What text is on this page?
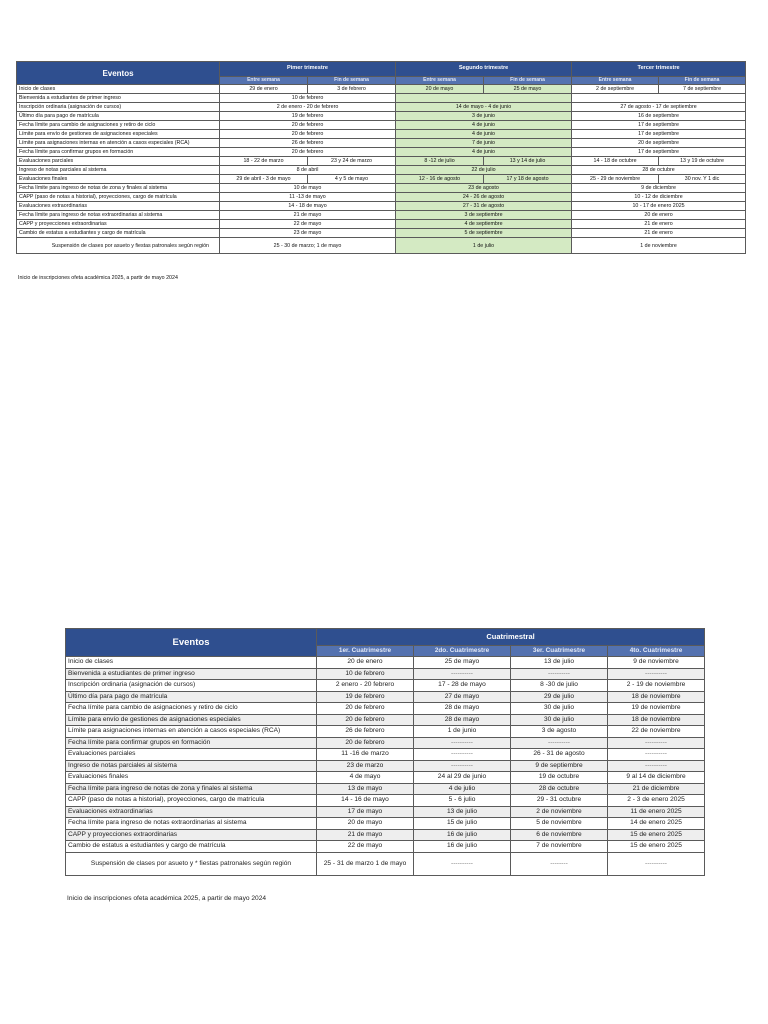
Eventos	Pimer trimestre		Segundo trimestre		Tercer trimestre	
	Entre semana	Fin de semana	Entre semana	Fin de semana	Entre semana	Fin de semana
Inicio de clases	29 de enero	3 de febrero	20 de mayo	25 de mayo	2 de septiembre	7 de septiembre
Bienvenida a estudiantes de primer ingreso	10 de febrero					
Inscripción ordinaria (asignación de cursos)	2 de enero - 20 de febrero		14 de mayo - 4 de junio		27 de agosto - 17 de septiembre	
Último día para pago de matrícula	19 de febrero		3 de junio		16 de septiembre	
Fecha límite para cambio de asignaciones y retiro de ciclo	20 de febrero		4 de junio		17 de septiembre	
Límite para envío de gestiones de asignaciones especiales	20 de febrero		4 de junio		17 de septiembre	
Límite para asignaciones internas en atención a casos especiales (RCA)	26 de febrero		7 de junio		20 de septiembre	
Fecha límite para confirmar grupos en formación	20 de febrero		4 de junio		17 de septiembre	
Evaluaciones parciales	18 - 22 de marzo	23 y 24 de marzo	8 -12 de julio	13 y 14 de julio	14 - 18 de octubre	13 y 19 de octubre
Ingreso de notas parciales al sistema	8 de abril		22 de julio		28 de octubre	
Evaluaciones finales	29 de abril - 3 de mayo	4 y 5 de mayo	12 - 16 de agosto	17 y 18 de agosto	25 - 29 de noviembre	30 nov. Y 1 dic
Fecha límite para ingreso de notas de zona y finales al sistema	10 de mayo		23 de agosto		9 de diciembre	
CAPP (paso de notas a historial), proyecciones, cargo de matrícula	11 -13 de mayo		24 - 26 de agosto		10 - 12 de diciembre	
Evaluaciones extraordinarias	14 - 18 de mayo		27 - 31 de agosto		10 - 17 de enero 2025	
Fecha límite para ingreso de notas extraordinarias al sistema	21 de mayo		3 de septiembre		20 de enero	
CAPP y proyecciones extraordinarias	22 de mayo		4 de septiembre		21 de enero	
Cambio de estatus a estudiantes y cargo de matrícula	23 de mayo		5 de septiembre		21 de enero	
Suspensión de clases por asueto y fiestas patronales según región	25 - 30 de marzo; 1 de mayo		1 de julio		1 de noviembre	
Inicio de inscripciones ofeta académica 2025, a partir de mayo 2024
Eventos	Cuatrimestral			
	1er. Cuatrimestre	2do. Cuatrimestre	3er. Cuatrimestre	4to. Cuatrimestre
Inicio de clases	20 de enero	25 de mayo	13 de julio	9 de noviembre
Bienvenida a estudiantes de primer ingreso	10 de febrero	----------	----------	----------
Inscripción ordinaria (asignación de cursos)	2 enero - 20 febrero	17 - 28 de mayo	8 -30 de julio	2 - 19 de noviembre
Último día para pago de matrícula	19 de febrero	27 de mayo	29 de julio	18 de noviembre
Fecha límite para cambio de asignaciones y retiro de ciclo	20 de febrero	28 de mayo	30 de julio	19 de noviembre
Límite para envío de gestiones de asignaciones especiales	20 de febrero	28 de mayo	30 de julio	18 de noviembre
Límite para asignaciones internas en atención a casos especiales (RCA)	26 de febrero	1 de junio	3 de agosto	22 de noviembre
Fecha límite para confirmar grupos en formación	20 de febrero	----------	----------	----------
Evaluaciones parciales	11 -16 de marzo	----------	26 - 31 de agosto	----------
Ingreso de notas parciales al sistema	23 de marzo	----------	9 de septiembre	----------
Evaluaciones finales	4 de mayo	24 al 29 de junio	19 de octubre	9 al 14 de diciembre
Fecha límite para ingreso de notas de zona y finales al sistema	13 de mayo	4 de julio	28 de octubre	21 de diciembre
CAPP (paso de notas a historial), proyecciones, cargo de matrícula	14 - 16 de mayo	5 - 6 julio	29 - 31 octubre	2 - 3 de enero 2025
Evaluaciones extraordinarias	17 de mayo	13 de julio	2 de noviembre	11 de enero 2025
Fecha límite para ingreso de notas extraordinarias al sistema	20 de mayo	15 de julio	5 de noviembre	14 de enero 2025
CAPP y proyecciones extraordinarias	21 de mayo	16 de julio	6 de noviembre	15 de enero 2025
Cambio de estatus a estudiantes y cargo de matrícula	22 de mayo	16 de julio	7 de noviembre	15 de enero 2025
Suspensión de clases por asueto y * fiestas patronales según región	25 - 31 de marzo 1 de mayo	----------	--------	----------
Inicio de inscripciones ofeta académica 2025, a partir de mayo 2024
